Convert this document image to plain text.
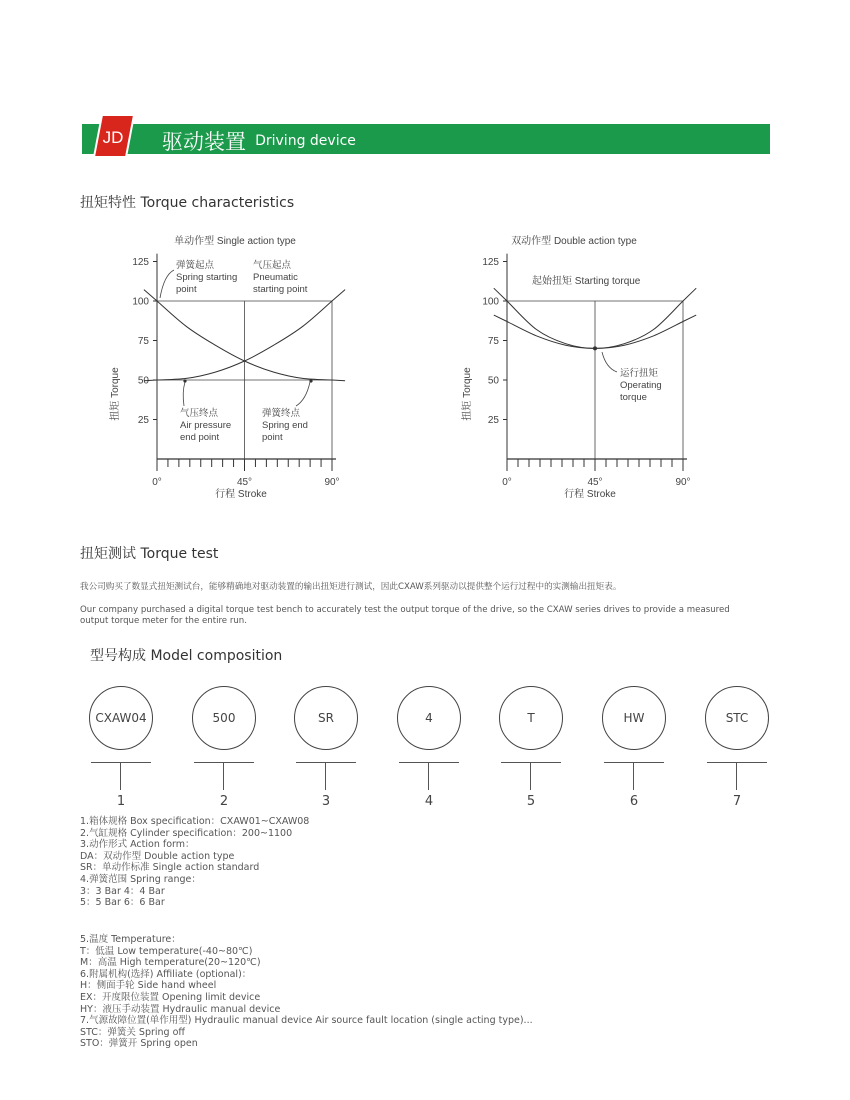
JD 驱动装置 Driving device
扭矩特性 Torque characteristics
单动作型 Single action type
25
50
75
100
125
0°	45°	90°
扭矩 Torque
行程 Stroke
弹簧起点 Spring starting point
气压起点 Pneumatic starting point
气压终点 Air pressure end point
弹簧终点 Spring end point
双动作型 Double action type
25
50
75
100
125
0°	45°	90°
扭矩 Torque
行程 Stroke
起始扭矩 Starting torque
运行扭矩 Operating torque
扭矩测试 Torque test
我公司购买了数显式扭矩测试台，能够精确地对驱动装置的输出扭矩进行测试，因此CXAW系列驱动以提供整个运行过程中的实测输出扭矩表。
Our company purchased a digital torque test bench to accurately test the output torque of the drive, so the CXAW series drives to provide a measured output torque meter for the entire run.
型号构成 Model composition
CXAW04
1
500
2
SR
3
4
4
T
5
HW
6
STC
7
1.箱体规格 Box specification：CXAW01~CXAW08
2.气缸规格 Cylinder specification：200~1100
3.动作形式 Action form：
DA：双动作型 Double action type
SR：单动作标准 Single action standard
4.弹簧范围 Spring range：
3：3 Bar 4：4 Bar
5：5 Bar 6：6 Bar
5.温度 Temperature：
T：低温 Low temperature(-40~80℃)
M：高温 High temperature(20~120℃)
6.附属机构(选择) Affiliate (optional)：
H：侧面手轮 Side hand wheel
EX：开度限位装置 Opening limit device
HY：液压手动装置 Hydraulic manual device
7.气源故障位置(单作用型) Hydraulic manual device Air source fault location (single acting type)...
STC：弹簧关 Spring off
STO：弹簧开 Spring open
